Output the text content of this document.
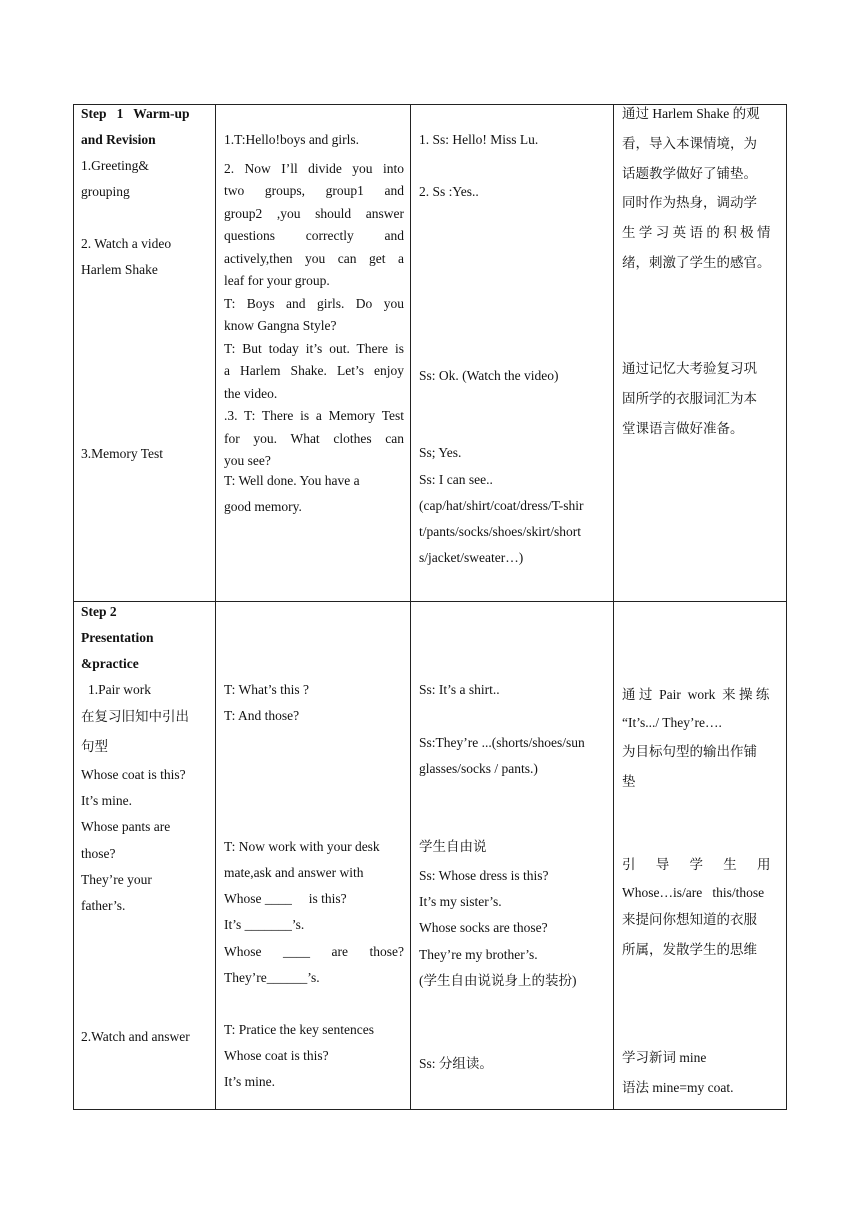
Step   1   Warm-up
and Revision
1.Greeting&
grouping
2. Watch a video
Harlem Shake
3.Memory Test
1.T:Hello!boys and girls.
2. Now I’ll divide you into
two groups, group1 and
group2 ,you should answer
questions correctly and
actively,then you can get a
leaf for your group.
T: Boys and girls. Do you
know Gangna Style?
T: But today it’s out. There is
a Harlem Shake. Let’s enjoy
the video.
.3. T: There is a Memory Test
for you. What clothes can
you see?
T: Well done. You have a
good memory.
1. Ss: Hello! Miss Lu.
2. Ss :Yes..
Ss: Ok. (Watch the video)
Ss; Yes.
Ss: I can see..
(cap/hat/shirt/coat/dress/T-shir
t/pants/socks/shoes/skirt/short
s/jacket/sweater…)
通过 Harlem Shake 的观
看，导入本课情境，为
话题教学做好了铺垫。
同时作为热身，调动学
生 学 习 英 语 的 积 极 情
绪，刺激了学生的感官。
通过记忆大考验复习巩
固所学的衣服词汇为本
堂课语言做好准备。
Step 2
Presentation
&practice
1.Pair work
在复习旧知中引出
句型
Whose coat is this?
It’s mine.
Whose pants are
those?
They’re your
father’s.
2.Watch and answer
T: What’s this ?
T: And those?
T: Now work with your desk
mate,ask and answer with
Whose ____     is this?
It’s _______’s.
Whose ____ are those?
They’re______’s.
T: Pratice the key sentences
Whose coat is this?
It’s mine.
Ss: It’s a shirt..
Ss:They’re ...(shorts/shoes/sun
glasses/socks / pants.)
学生自由说
Ss: Whose dress is this?
It’s my sister’s.
Whose socks are those?
They’re my brother’s.
(学生自由说说身上的装扮)
Ss: 分组读。
通 过  Pair  work  来 操 练
“It’s.../ They’re….
为目标句型的输出作铺
垫
引      导      学      生      用
Whose…is/are   this/those
来提问你想知道的衣服
所属，发散学生的思维
学习新词 mine
语法 mine=my coat.
